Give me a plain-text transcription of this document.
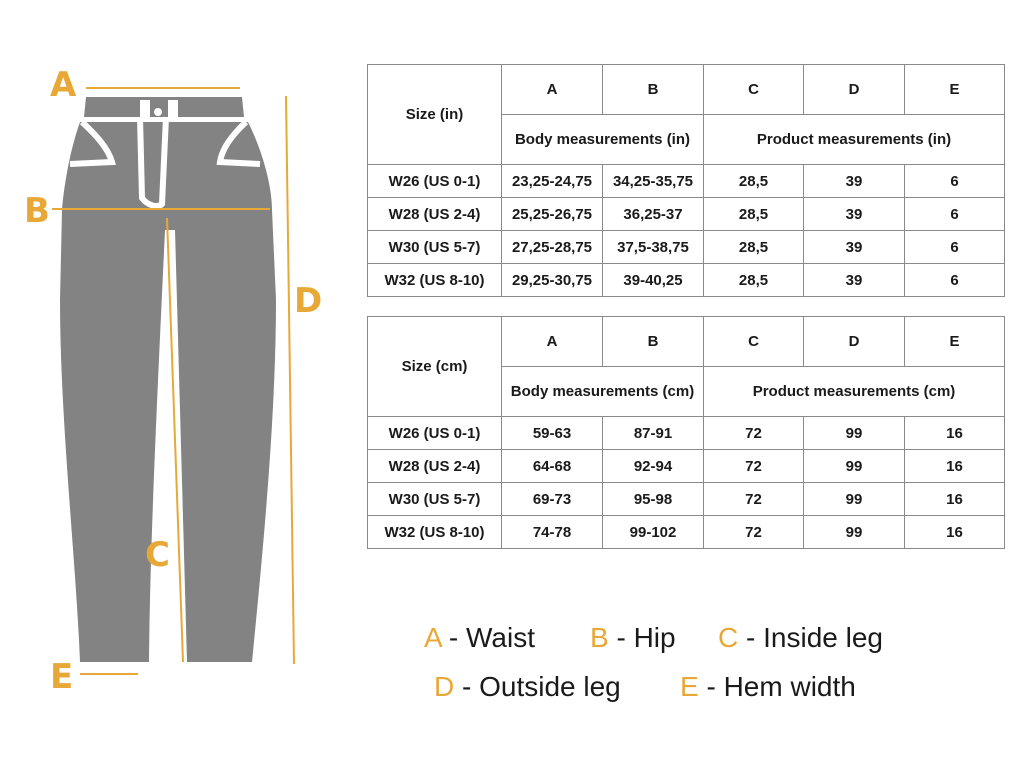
A
B
C
D
E
Size (in)	A	B	C	D	E
	Body measurements (in)		Product measurements (in)		
W26 (US 0-1)	23,25-24,75	34,25-35,75	28,5	39	6
W28 (US 2-4)	25,25-26,75	36,25-37	28,5	39	6
W30 (US 5-7)	27,25-28,75	37,5-38,75	28,5	39	6
W32 (US 8-10)	29,25-30,75	39-40,25	28,5	39	6
Size (cm)	A	B	C	D	E
	Body measurements (cm)		Product measurements (cm)		
W26 (US 0-1)	59-63	87-91	72	99	16
W28 (US 2-4)	64-68	92-94	72	99	16
W30 (US 5-7)	69-73	95-98	72	99	16
W32 (US 8-10)	74-78	99-102	72	99	16
A - Waist B - Hip C - Inside leg
D - Outside leg E - Hem width
